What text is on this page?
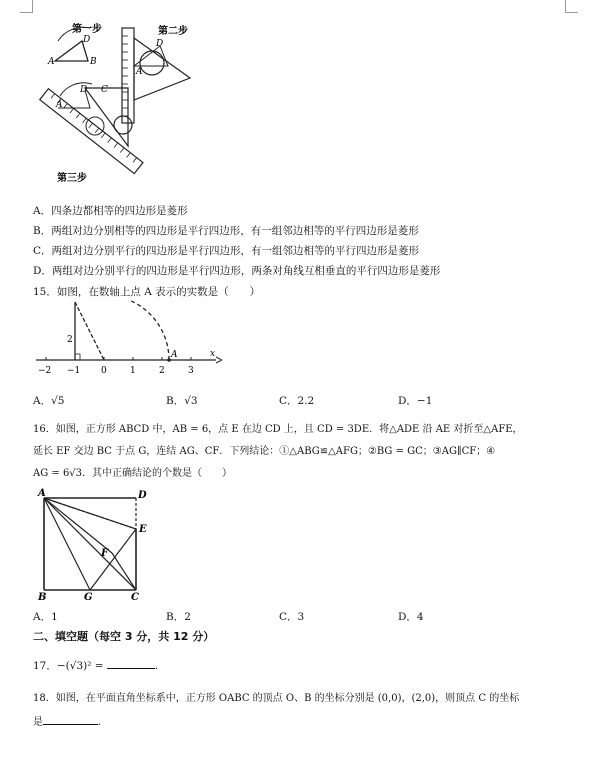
第一步
A	B
D
第二步
A
D
A
D C
第三步
A．四条边都相等的四边形是菱形
B．两组对边分别相等的四边形是平行四边形，有一组邻边相等的平行四边形是菱形
C．两组对边分别平行的四边形是平行四边形，有一组邻边相等的平行四边形是菱形
D．两组对边分别平行的四边形是平行四边形，两条对角线互相垂直的平行四边形是菱形
15．如图，在数轴上点 A 表示的实数是（　　）
2
A
−2 −1 0	1	2	3
x
A．√5	B．√3	C．2.2	D．−1
16．如图，正方形 ABCD 中，AB = 6，点 E 在边 CD 上，且 CD = 3DE．将△ADE 沿 AE 对折至△AFE，
延长 EF 交边 BC 于点 G，连结 AG、CF．下列结论：①△ABG≌△AFG；②BG = GC；③AG∥CF；④
AG = 6√3．其中正确结论的个数是（　　）
A	D
E
F
B	G	C
A．1	B．2	C．3	D．4
二、填空题（每空 3 分，共 12 分）
17．−(√3)² =	.
18．如图，在平面直角坐标系中，正方形 OABC 的顶点 O、B 的坐标分别是 (0,0)，(2,0)，则顶点 C 的坐标
是	.
